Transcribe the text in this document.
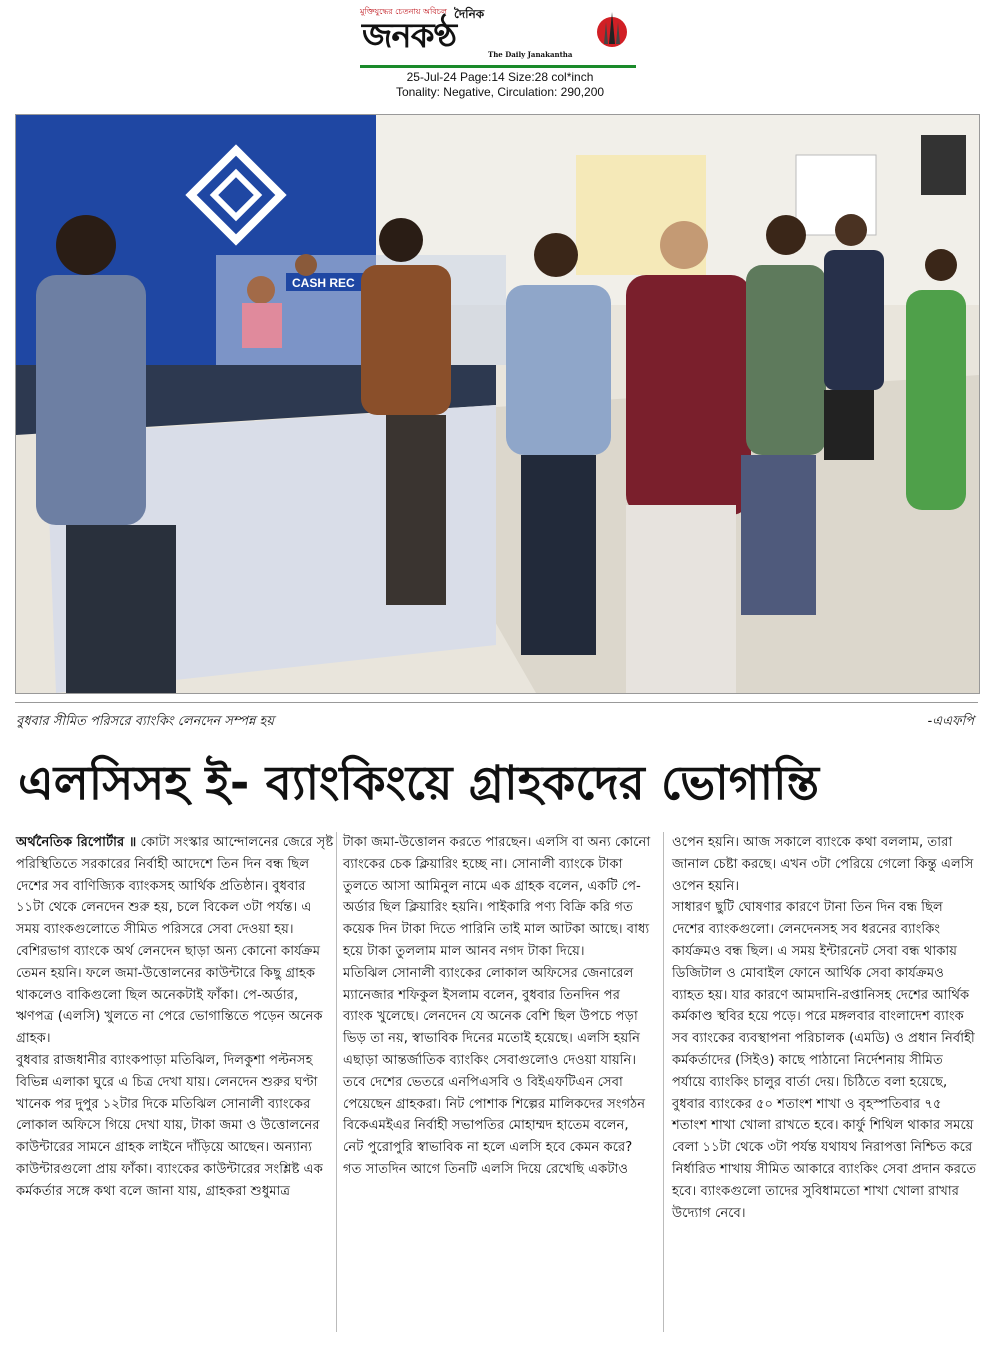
মুক্তিযুদ্ধের চেতনায় অবিচল দৈনিক
জনকণ্ঠ	The Daily Janakantha
25-Jul-24 Page:14 Size:28 col*inch
Tonality: Negative, Circulation: 290,200
CASH REC
বুধবার সীমিত পরিসরে ব্যাংকিং লেনদেন সম্পন্ন হয়	-এএফপি
এলসিসহ ই- ব্যাংকিংয়ে গ্রাহকদের ভোগান্তি

অর্থনৈতিক রিপোর্টার ॥ কোটা সংস্কার আন্দোলনের জেরে সৃষ্ট পরিস্থিতিতে সরকারের নির্বাহী আদেশে তিন দিন বন্ধ ছিল দেশের সব বাণিজ্যিক ব্যাংকসহ আর্থিক প্রতিষ্ঠান। বুধবার ১১টা থেকে লেনদেন শুরু হয়, চলে বিকেল ৩টা পর্যন্ত। এ সময় ব্যাংকগুলোতে সীমিত পরিসরে সেবা দেওয়া হয়। বেশিরভাগ ব্যাংকে অর্থ লেনদেন ছাড়া অন্য কোনো কার্যক্রম তেমন হয়নি। ফলে জমা-উত্তোলনের কাউন্টারে কিছু গ্রাহক থাকলেও বাকিগুলো ছিল অনেকটাই ফাঁকা। পে-অর্ডার, ঋণপত্র (এলসি) খুলতে না পেরে ভোগান্তিতে পড়েন অনেক গ্রাহক।

বুধবার রাজধানীর ব্যাংকপাড়া মতিঝিল, দিলকুশা পল্টনসহ বিভিন্ন এলাকা ঘুরে এ চিত্র দেখা যায়। লেনদেন শুরুর ঘণ্টা খানেক পর দুপুর ১২টার দিকে মতিঝিল সোনালী ব্যাংকের লোকাল অফিসে গিয়ে দেখা যায়, টাকা জমা ও উত্তোলনের কাউন্টারের সামনে গ্রাহক লাইনে দাঁড়িয়ে আছেন। অন্যান্য কাউন্টারগুলো প্রায় ফাঁকা। ব্যাংকের কাউন্টারের সংশ্লিষ্ট এক কর্মকর্তার সঙ্গে কথা বলে জানা যায়, গ্রাহকরা শুধুমাত্র

টাকা জমা-উত্তোলন করতে পারছেন। এলসি বা অন্য কোনো ব্যাংকের চেক ক্লিয়ারিং হচ্ছে না। সোনালী ব্যাংকে টাকা তুলতে আসা আমিনুল নামে এক গ্রাহক বলেন, একটি পে-অর্ডার ছিল ক্লিয়ারিং হয়নি। পাইকারি পণ্য বিক্রি করি গত কয়েক দিন টাকা দিতে পারিনি তাই মাল আটকা আছে। বাধ্য হয়ে টাকা তুললাম মাল আনব নগদ টাকা দিয়ে।

মতিঝিল সোনালী ব্যাংকের লোকাল অফিসের জেনারেল ম্যানেজার শফিকুল ইসলাম বলেন, বুধবার তিনদিন পর ব্যাংক খুলেছে। লেনদেন যে অনেক বেশি ছিল উপচে পড়া ভিড় তা নয়, স্বাভাবিক দিনের মতোই হয়েছে। এলসি হয়নি এছাড়া আন্তর্জাতিক ব্যাংকিং সেবাগুলোও দেওয়া যায়নি।

তবে দেশের ভেতরে এনপিএসবি ও বিইএফটিএন সেবা পেয়েছেন গ্রাহকরা। নিট পোশাক শিল্পের মালিকদের সংগঠন বিকেএমইএর নির্বাহী সভাপতির মোহাম্মদ হাতেম বলেন, নেট পুরোপুরি স্বাভাবিক না হলে এলসি হবে কেমন করে? গত সাতদিন আগে তিনটি এলসি দিয়ে রেখেছি একটাও

ওপেন হয়নি। আজ সকালে ব্যাংকে কথা বললাম, তারা জানাল চেষ্টা করছে। এখন ৩টা পেরিয়ে গেলো কিন্তু এলসি ওপেন হয়নি।

সাধারণ ছুটি ঘোষণার কারণে টানা তিন দিন বন্ধ ছিল দেশের ব্যাংকগুলো। লেনদেনসহ সব ধরনের ব্যাংকিং কার্যক্রমও বন্ধ ছিল। এ সময় ইন্টারনেট সেবা বন্ধ থাকায় ডিজিটাল ও মোবাইল ফোনে আর্থিক সেবা কার্যক্রমও ব্যাহত হয়। যার কারণে আমদানি-রপ্তানিসহ দেশের আর্থিক কর্মকাণ্ড স্থবির হয়ে পড়ে। পরে মঙ্গলবার বাংলাদেশ ব্যাংক সব ব্যাংকের ব্যবস্থাপনা পরিচালক (এমডি) ও প্রধান নির্বাহী কর্মকর্তাদের (সিইও) কাছে পাঠানো নির্দেশনায় সীমিত পর্যায়ে ব্যাংকিং চালুর বার্তা দেয়। চিঠিতে বলা হয়েছে, বুধবার ব্যাংকের ৫০ শতাংশ শাখা ও বৃহস্পতিবার ৭৫ শতাংশ শাখা খোলা রাখতে হবে। কার্ফু শিথিল থাকার সময়ে বেলা ১১টা থেকে ৩টা পর্যন্ত যথাযথ নিরাপত্তা নিশ্চিত করে নির্ধারিত শাখায় সীমিত আকারে ব্যাংকিং সেবা প্রদান করতে হবে। ব্যাংকগুলো তাদের সুবিধামতো শাখা খোলা রাখার উদ্যোগ নেবে।
